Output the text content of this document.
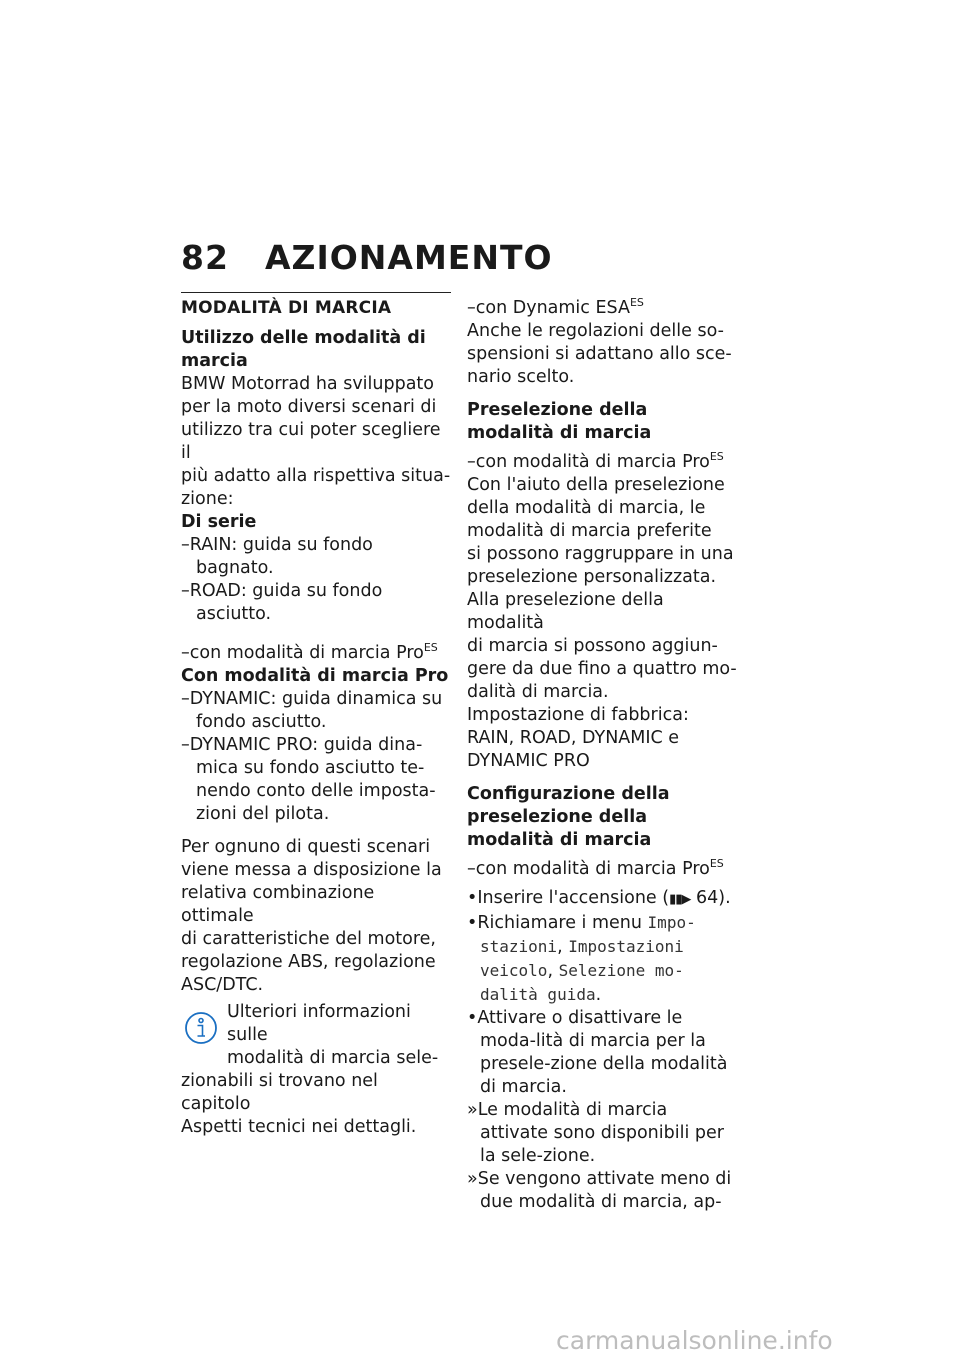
82 AZIONAMENTO
MODALITÀ DI MARCIA
Utilizzo delle modalità di marcia
BMW Motorrad ha sviluppato
per la moto diversi scenari di
utilizzo tra cui poter scegliere il
più adatto alla rispettiva situa-
zione:
Di serie
–RAIN: guida su fondo bagnato.
–ROAD: guida su fondo asciutto.
–con modalità di marcia Pro$^{ES}$
Con modalità di marcia Pro
–DYNAMIC: guida dinamica su fondo asciutto.
–DYNAMIC PRO: guida dina-mica su fondo asciutto te-nendo conto delle imposta-zioni del pilota.
Per ognuno di questi scenari
viene messa a disposizione la
relativa combinazione ottimale
di caratteristiche del motore,
regolazione ABS, regolazione
ASC/DTC.
Ulteriori informazioni sulle
modalità di marcia sele-
zionabili si trovano nel capitolo
Aspetti tecnici nei dettagli.
–con Dynamic $ESA^{ES}$
Anche le regolazioni delle so-
spensioni si adattano allo sce-
nario scelto.
Preselezione della modalità di marcia
–con modalità di marcia Pro$^{ES}$
Con l'aiuto della preselezione
della modalità di marcia, le
modalità di marcia preferite
si possono raggruppare in una
preselezione personalizzata.
Alla preselezione della modalità
di marcia si possono aggiun-
gere da due fino a quattro mo-
dalità di marcia.
Impostazione di fabbrica:
RAIN, ROAD, DYNAMIC e
DYNAMIC PRO
Configurazione della preselezione della modalità di marcia
–con modalità di marcia Pro$^{ES}$
•Inserire l'accensione (▮▮▶ 64).
•Richiamare i menu Impo-stazioni, Impostazioni veicolo, Selezione mo-dalità guida.
•Attivare o disattivare le moda-lità di marcia per la presele-zione della modalità di marcia.
»Le modalità di marcia attivate sono disponibili per la sele-zione.
»Se vengono attivate meno di due modalità di marcia, ap-
carmanualsonline.info
